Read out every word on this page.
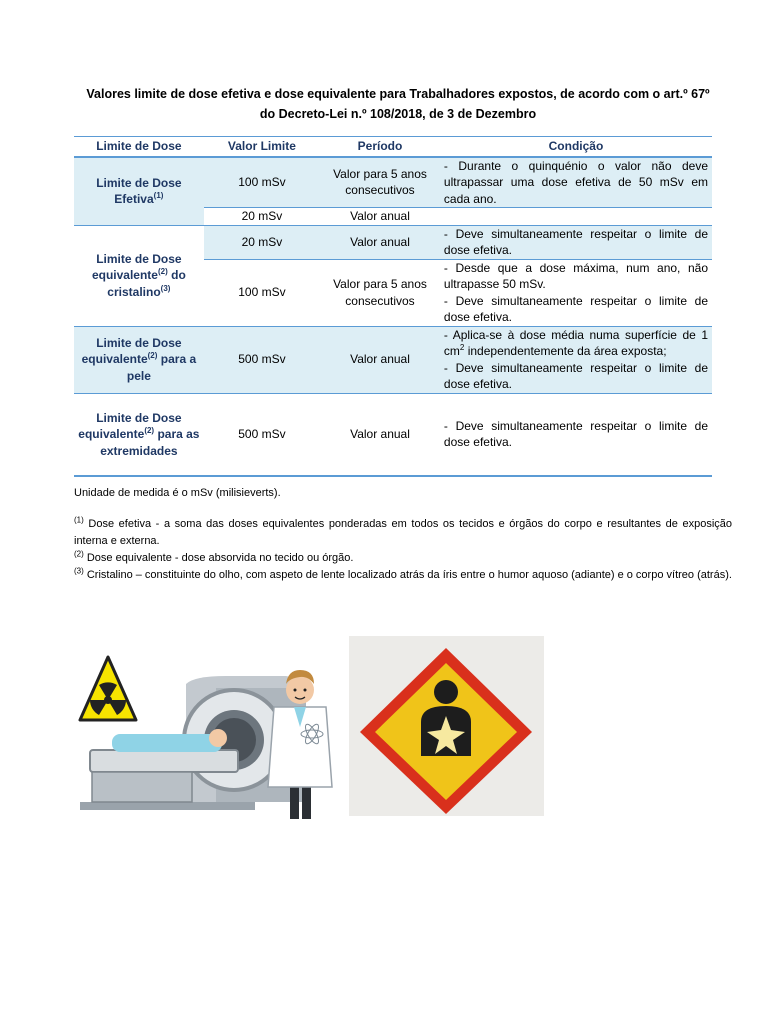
Valores limite de dose efetiva e dose equivalente para Trabalhadores expostos, de acordo com o art.º 67º do Decreto-Lei n.º 108/2018, de 3 de Dezembro
Limite de Dose	Valor Limite	Período	Condição
Limite de Dose Efetiva$^{(1)}$	100 mSv	Valor para 5 anos consecutivos	- Durante o quinquénio o valor não deve ultrapassar uma dose efetiva de 50 mSv em cada ano.
	20 mSv	Valor anual	
Limite de Dose equivalente$^{(2)}$ do cristalino$^{(3)}$	20 mSv	Valor anual	- Deve simultaneamente respeitar o limite de dose efetiva.
	100 mSv	Valor para 5 anos consecutivos	- Desde que a dose máxima, num ano, não ultrapasse 50 mSv.
- Deve simultaneamente respeitar o limite de dose efetiva.

Limite de Dose equivalente$^{(2)}$ para a pele	500 mSv	Valor anual	- Aplica-se à dose média numa superfície de 1 $cm^2$ independentemente da área exposta;
- Deve simultaneamente respeitar o limite de dose efetiva.

Limite de Dose equivalente$^{(2)}$ para as extremidades	500 mSv	Valor anual	- Deve simultaneamente respeitar o limite de dose efetiva.
Unidade de medida é o mSv (milisieverts).

$^{(1)}$ Dose efetiva - a soma das doses equivalentes ponderadas em todos os tecidos e órgãos do corpo e resultantes de exposição interna e externa.

$^{(2)}$ Dose equivalente - dose absorvida no tecido ou órgão.

$^{(3)}$ Cristalino – constituinte do olho, com aspeto de lente localizado atrás da íris entre o humor aquoso (adiante) e o corpo vítreo (atrás).
